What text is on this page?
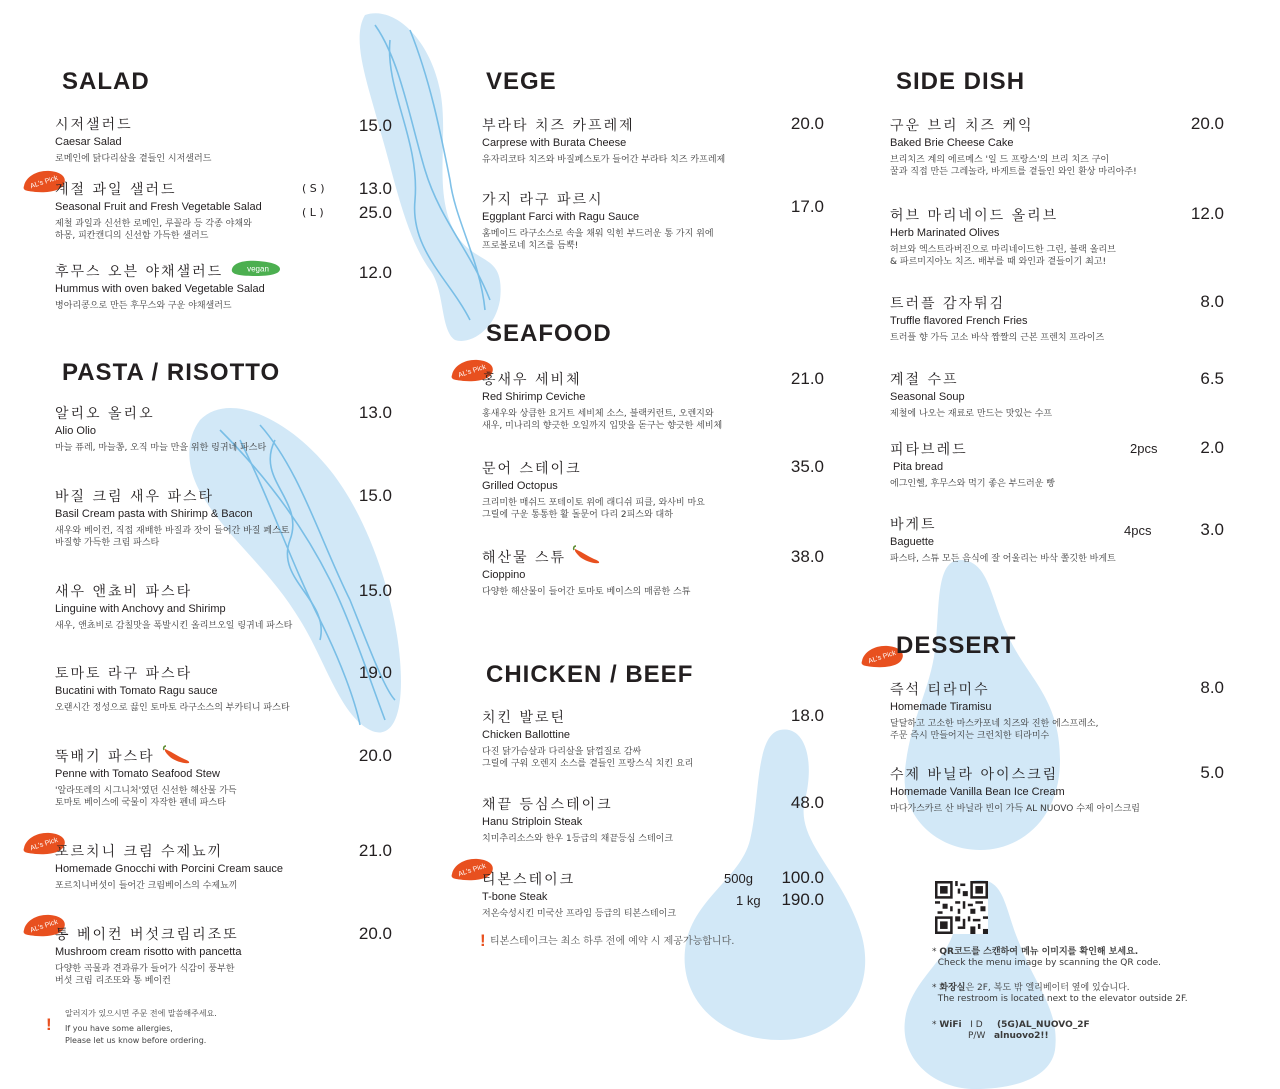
SALAD
시저샐러드
Caesar Salad
로메인에 닭다리살을 곁들인 시저샐러드
15.0
AL's Pick
계절 과일 샐러드
Seasonal Fruit and Fresh Vegetable Salad
제철 과일과 신선한 로메인, 루꼴라 등 각종 야채와
하몽, 피칸캔디의 신선함 가득한 샐러드
( S )	13.0
( L )	25.0
후무스 오븐 야채샐러드
Hummus with oven baked Vegetable Salad
병아리콩으로 만든 후무스와 구운 야채샐러드
vegan	12.0
PASTA / RISOTTO
알리오 올리오
Alio Olio
마늘 퓨레, 마늘쫑, 오직 마늘 만을 위한 링귀네 파스타
13.0
바질 크림 새우 파스타
Basil Cream pasta with Shirimp & Bacon
새우와 베이컨, 직접 재배한 바질과 잣이 들어간 바질 페스토
바질향 가득한 크림 파스타
15.0
새우 앤쵸비 파스타
Linguine with Anchovy and Shirimp
새우, 앤쵸비로 감칠맛을 폭발시킨 올리브오일 링귀네 파스타
15.0
토마토 라구 파스타
Bucatini with Tomato Ragu sauce
오랜시간 정성으로 끓인 토마토 라구소스의 부카티니 파스타
19.0
뚝배기 파스타
Penne with Tomato Seafood Stew
'알라또레의 시그니처'였던 신선한 해산물 가득
토마토 베이스에 국물이 자작한 펜네 파스타
20.0
AL's Pick
포르치니 크림 수제뇨끼
Homemade Gnocchi with Porcini Cream sauce
포르치니버섯이 들어간 크림베이스의 수제뇨끼
21.0
AL's Pick
통 베이컨 버섯크림리조또
Mushroom cream risotto with pancetta
다양한 곡물과 견과류가 들어가 식감이 풍부한
버섯 크림 리조또와 통 베이컨
20.0
!
알러지가 있으시면 주문 전에 말씀해주세요.
If you have some allergies,
Please let us know before ordering.
VEGE
부라타 치즈 카프레제
Carprese with Burata Cheese
유자리코타 치즈와 바질페스토가 들어간 부라타 치즈 카프레제
20.0
가지 라구 파르시
Eggplant Farci with Ragu Sauce
홈메이드 라구소스로 속을 채워 익힌 부드러운 통 가지 위에
프로볼로네 치즈를 듬뿍!
17.0
SEAFOOD
AL's Pick
홍새우 세비체
Red Shirimp Ceviche
홍새우와 상큼한 요거트 세비체 소스, 블랙커런트, 오렌지와
새우, 미나리의 향긋한 오일까지 입맛을 돋구는 향긋한 세비체
21.0
문어 스테이크
Grilled Octopus
크리미한 매쉬드 포테이토 위에 래디쉬 피클, 와사비 마요
그릴에 구운 통통한 활 돌문어 다리 2피스와 대하
35.0
해산물 스튜
Cioppino
다양한 해산물이 들어간 토마토 베이스의 매콤한 스튜
38.0
CHICKEN / BEEF
치킨 발로틴
Chicken Ballottine
다진 닭가슴살과 다리살을 닭껍질로 감싸
그릴에 구워 오렌지 소스를 곁들인 프랑스식 치킨 요리
18.0
채끝 등심스테이크
Hanu Striploin Steak
치미추리소스와 한우 1등급의 채끝등심 스테이크
48.0
AL's Pick
티본스테이크
T-bone Steak
저온숙성시킨 미국산 프라임 등급의 티본스테이크
500g	100.0
1 kg	190.0
! 티본스테이크는 최소 하루 전에 예약 시 제공가능합니다.
SIDE DISH
구운 브리 치즈 케익
Baked Brie Cheese Cake
브리치즈 계의 에르메스 '일 드 프랑스'의 브리 치즈 구이
꿀과 직접 만든 그레놀라, 바게트를 곁들인 와인 환상 마리아주!
20.0
허브 마리네이드 올리브
Herb Marinated Olives
허브와 엑스트라버진으로 마리네이드한 그린, 블랙 올리브
& 파르미지아노 치즈. 배부를 때 와인과 곁들이기 최고!
12.0
트러플 감자튀김
Truffle flavored French Fries
트러플 향 가득 고소 바삭 짭짤의 근본 프렌치 프라이즈
8.0
계절 수프
Seasonal Soup
제철에 나오는 재료로 만드는 맛있는 수프
6.5
피타브레드
Pita bread
에그인헬, 후무스와 먹기 좋은 부드러운 빵
2pcs	2.0
바게트
Baguette
파스타, 스튜 모든 음식에 잘 어울리는 바삭 쫄깃한 바게트
4pcs	3.0
AL's Pick DESSERT
즉석 티라미수
Homemade Tiramisu
달달하고 고소한 마스카포네 치즈와 진한 에스프레소,
주문 즉시 만들어지는 크런치한 티라미수
8.0
수제 바닐라 아이스크림
Homemade Vanilla Bean Ice Cream
마다가스카르 산 바닐라 빈이 가득 AL NUOVO 수제 아이스크림
5.0
* QR코드를 스캔하여 메뉴 이미지를 확인해 보세요.
Check the menu image by scanning the QR code.
* 화장실은 2F, 복도 밖 엘리베이터 옆에 있습니다.
The restroom is located next to the elevator outside 2F.
* WiFi I D (5G)AL_NUOVO_2F
P/W alnuovo2!!
